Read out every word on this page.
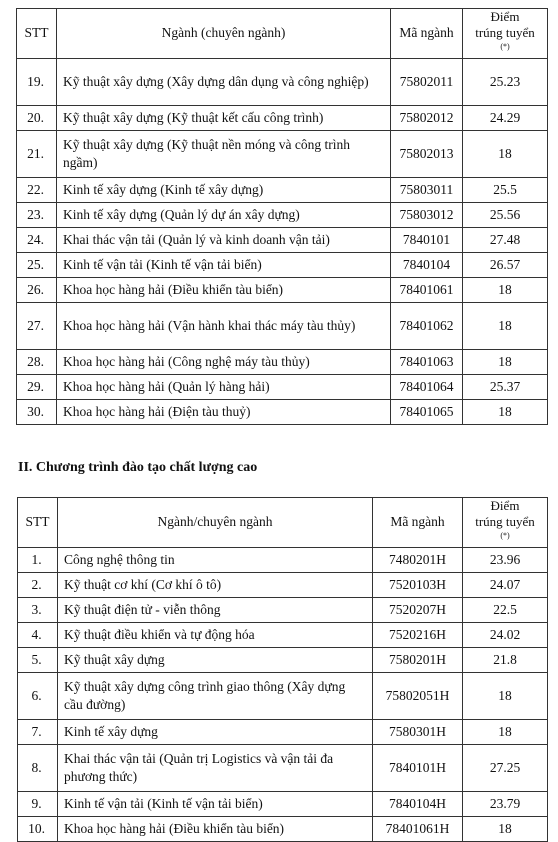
STT	Ngành (chuyên ngành)	Mã ngành	Điểm
trúng tuyển (*)
19.	Kỹ thuật xây dựng (Xây dựng dân dụng và công nghiệp)	75802011	25.23
20.	Kỹ thuật xây dựng (Kỹ thuật kết cấu công trình)	75802012	24.29
21.	Kỹ thuật xây dựng (Kỹ thuật nền móng và công trình ngầm)	75802013	18
22.	Kinh tế xây dựng (Kinh tế xây dựng)	75803011	25.5
23.	Kinh tế xây dựng (Quản lý dự án xây dựng)	75803012	25.56
24.	Khai thác vận tải (Quản lý và kinh doanh vận tải)	7840101	27.48
25.	Kinh tế vận tải (Kinh tế vận tải biển)	7840104	26.57
26.	Khoa học hàng hải (Điều khiển tàu biển)	78401061	18
27.	Khoa học hàng hải (Vận hành khai thác máy tàu thủy)	78401062	18
28.	Khoa học hàng hải (Công nghệ máy tàu thủy)	78401063	18
29.	Khoa học hàng hải (Quản lý hàng hải)	78401064	25.37
30.	Khoa học hàng hải (Điện tàu thuỷ)	78401065	18
II. Chương trình đào tạo chất lượng cao
STT	Ngành/chuyên ngành	Mã ngành	Điểm
trúng tuyển (*)
1.	Công nghệ thông tin	7480201H	23.96
2.	Kỹ thuật cơ khí (Cơ khí ô tô)	7520103H	24.07
3.	Kỹ thuật điện tử - viễn thông	7520207H	22.5
4.	Kỹ thuật điều khiển và tự động hóa	7520216H	24.02
5.	Kỹ thuật xây dựng	7580201H	21.8
6.	Kỹ thuật xây dựng công trình giao thông (Xây dựng cầu đường)	75802051H	18
7.	Kinh tế xây dựng	7580301H	18
8.	Khai thác vận tải (Quản trị Logistics và vận tải đa phương thức)	7840101H	27.25
9.	Kinh tế vận tải (Kinh tế vận tải biển)	7840104H	23.79
10.	Khoa học hàng hải (Điều khiển tàu biển)	78401061H	18
